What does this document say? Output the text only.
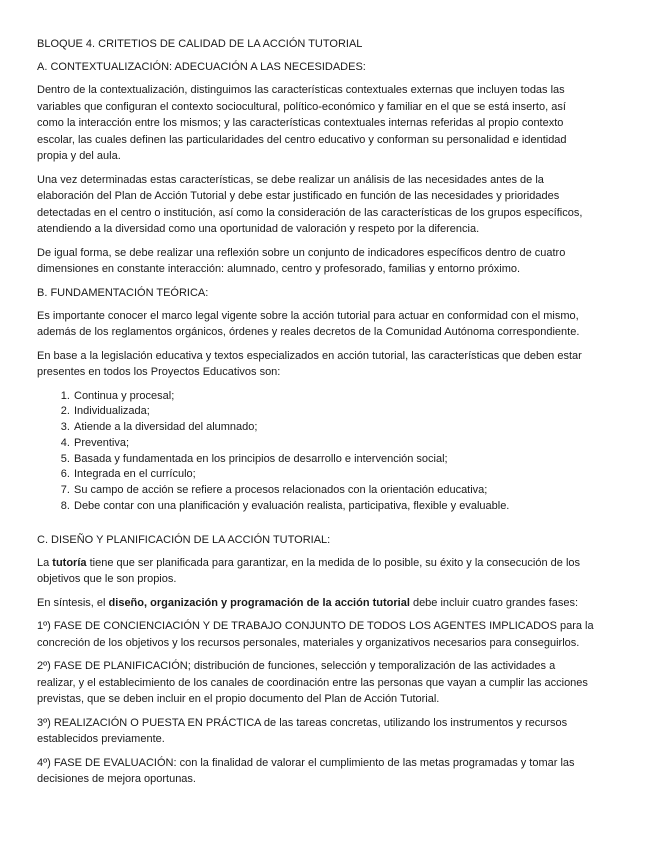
BLOQUE 4. CRITETIOS DE CALIDAD DE LA ACCIÓN TUTORIAL
A. CONTEXTUALIZACIÓN: ADECUACIÓN A LAS NECESIDADES:

Dentro de la contextualización, distinguimos las características contextuales externas que incluyen todas las variables que configuran el contexto sociocultural, político-económico y familiar en el que se está inserto, así como la interacción entre los mismos; y las características contextuales internas referidas al propio contexto escolar, las cuales definen las particularidades del centro educativo y conforman su personalidad e identidad propia y del aula.

Una vez determinadas estas características, se debe realizar un análisis de las necesidades antes de la elaboración del Plan de Acción Tutorial y debe estar justificado en función de las necesidades y prioridades detectadas en el centro o institución, así como la consideración de las características de los grupos específicos, atendiendo a la diversidad como una oportunidad de valoración y respeto por la diferencia.

De igual forma, se debe realizar una reflexión sobre un conjunto de indicadores específicos dentro de cuatro dimensiones en constante interacción: alumnado, centro y profesorado, familias y entorno próximo.

B. FUNDAMENTACIÓN TEÓRICA:

Es importante conocer el marco legal vigente sobre la acción tutorial para actuar en conformidad con el mismo, además de los reglamentos orgánicos, órdenes y reales decretos de la Comunidad Autónoma correspondiente.

En base a la legislación educativa y textos especializados en acción tutorial, las características que deben estar presentes en todos los Proyectos Educativos son:

1. Continua y procesal;
2. Individualizada;
3. Atiende a la diversidad del alumnado;
4. Preventiva;
5. Basada y fundamentada en los principios de desarrollo e intervención social;
6. Integrada en el currículo;
7. Su campo de acción se refiere a procesos relacionados con la orientación educativa;
8. Debe contar con una planificación y evaluación realista, participativa, flexible y evaluable.
C. DISEÑO Y PLANIFICACIÓN DE LA ACCIÓN TUTORIAL:

La tutoría tiene que ser planificada para garantizar, en la medida de lo posible, su éxito y la consecución de los objetivos que le son propios.

En síntesis, el diseño, organización y programación de la acción tutorial debe incluir cuatro grandes fases:

1º) FASE DE CONCIENCIACIÓN Y DE TRABAJO CONJUNTO DE TODOS LOS AGENTES IMPLICADOS para la concreción de los objetivos y los recursos personales, materiales y organizativos necesarios para conseguirlos.

2º) FASE DE PLANIFICACIÓN; distribución de funciones, selección y temporalización de las actividades a realizar, y el establecimiento de los canales de coordinación entre las personas que vayan a cumplir las acciones previstas, que se deben incluir en el propio documento del Plan de Acción Tutorial.

3º) REALIZACIÓN O PUESTA EN PRÁCTICA de las tareas concretas, utilizando los instrumentos y recursos establecidos previamente.

4º) FASE DE EVALUACIÓN: con la finalidad de valorar el cumplimiento de las metas programadas y tomar las decisiones de mejora oportunas.
